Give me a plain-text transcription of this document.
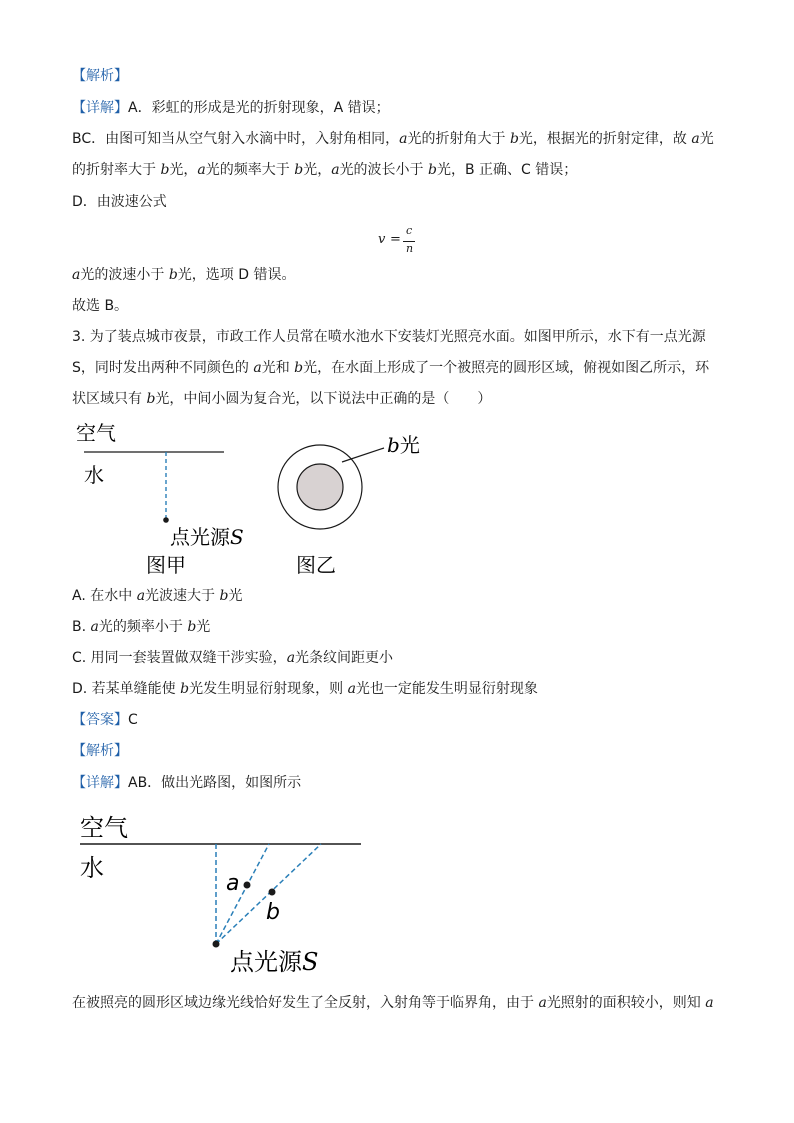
【解析】
【详解】A．彩虹的形成是光的折射现象，A 错误；
BC．由图可知当从空气射入水滴中时，入射角相同，a光的折射角大于 b光，根据光的折射定律，故 a光
的折射率大于 b光，a光的频率大于 b光，a光的波长小于 b光，B 正确、C 错误；
D．由波速公式
v =
c
n
a光的波速小于 b光，选项 D 错误。
故选 B。
3. 为了装点城市夜景，市政工作人员常在喷水池水下安装灯光照亮水面。如图甲所示，水下有一点光源
S，同时发出两种不同颜色的 a光和 b光，在水面上形成了一个被照亮的圆形区域，俯视如图乙所示，环
状区域只有 b光，中间小圆为复合光，以下说法中正确的是（　　）
空气
水
点光源S
图甲
b光
图乙
A. 在水中 a光波速大于 b光
B. a光的频率小于 b光
C. 用同一套装置做双缝干涉实验，a光条纹间距更小
D. 若某单缝能使 b光发生明显衍射现象，则 a光也一定能发生明显衍射现象
【答案】C
【解析】
【详解】AB．做出光路图，如图所示
空气
水
a
b
点光源S
在被照亮的圆形区域边缘光线恰好发生了全反射，入射角等于临界角，由于 a光照射的面积较小，则知 a
